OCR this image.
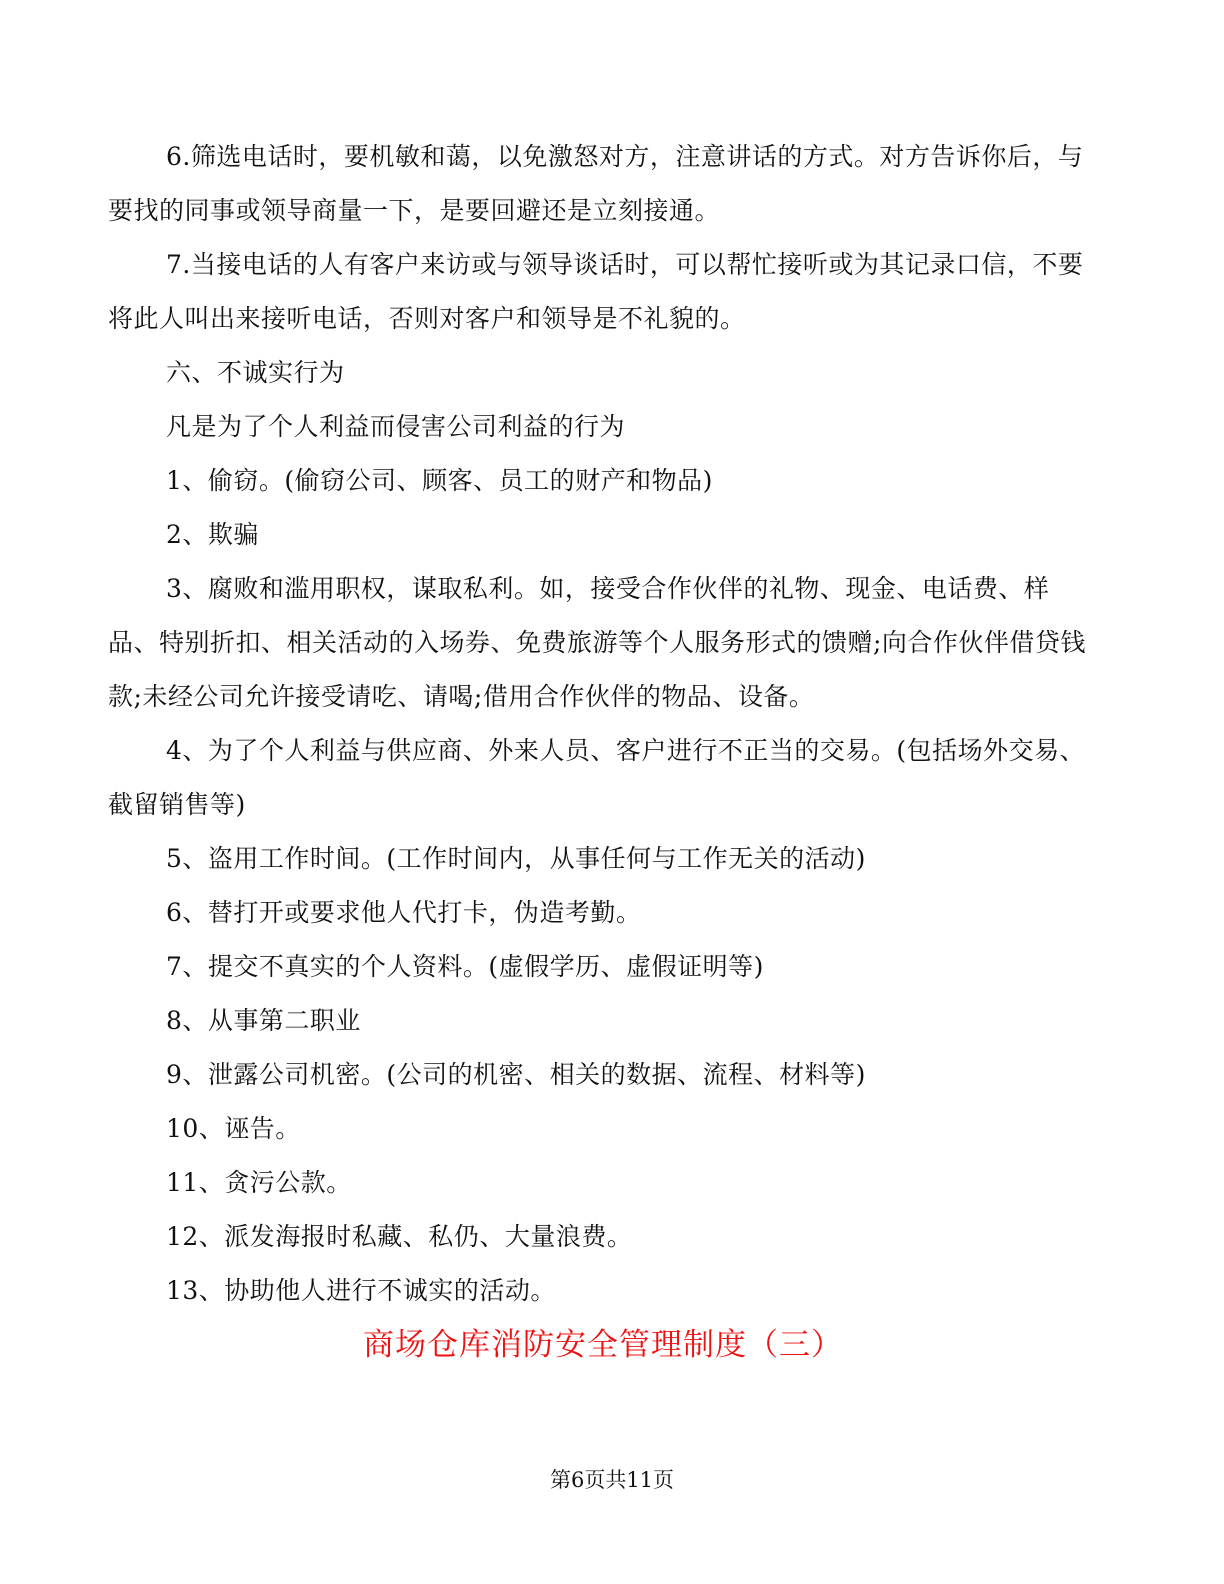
6.筛选电话时，要机敏和蔼，以免激怒对方，注意讲话的方式。对方告诉你后，与要找的同事或领导商量一下，是要回避还是立刻接通。

7.当接电话的人有客户来访或与领导谈话时，可以帮忙接听或为其记录口信，不要将此人叫出来接听电话，否则对客户和领导是不礼貌的。

六、不诚实行为

凡是为了个人利益而侵害公司利益的行为

1、偷窃。(偷窃公司、顾客、员工的财产和物品)

2、欺骗

3、腐败和滥用职权，谋取私利。如，接受合作伙伴的礼物、现金、电话费、样品、特别折扣、相关活动的入场券、免费旅游等个人服务形式的馈赠;向合作伙伴借贷钱款;未经公司允许接受请吃、请喝;借用合作伙伴的物品、设备。

4、为了个人利益与供应商、外来人员、客户进行不正当的交易。(包括场外交易、截留销售等)

5、盗用工作时间。(工作时间内，从事任何与工作无关的活动)

6、替打开或要求他人代打卡，伪造考勤。

7、提交不真实的个人资料。(虚假学历、虚假证明等)

8、从事第二职业

9、泄露公司机密。(公司的机密、相关的数据、流程、材料等)

10、诬告。

11、贪污公款。

12、派发海报时私藏、私仍、大量浪费。

13、协助他人进行不诚实的活动。

商场仓库消防安全管理制度（三）

第6页共11页
